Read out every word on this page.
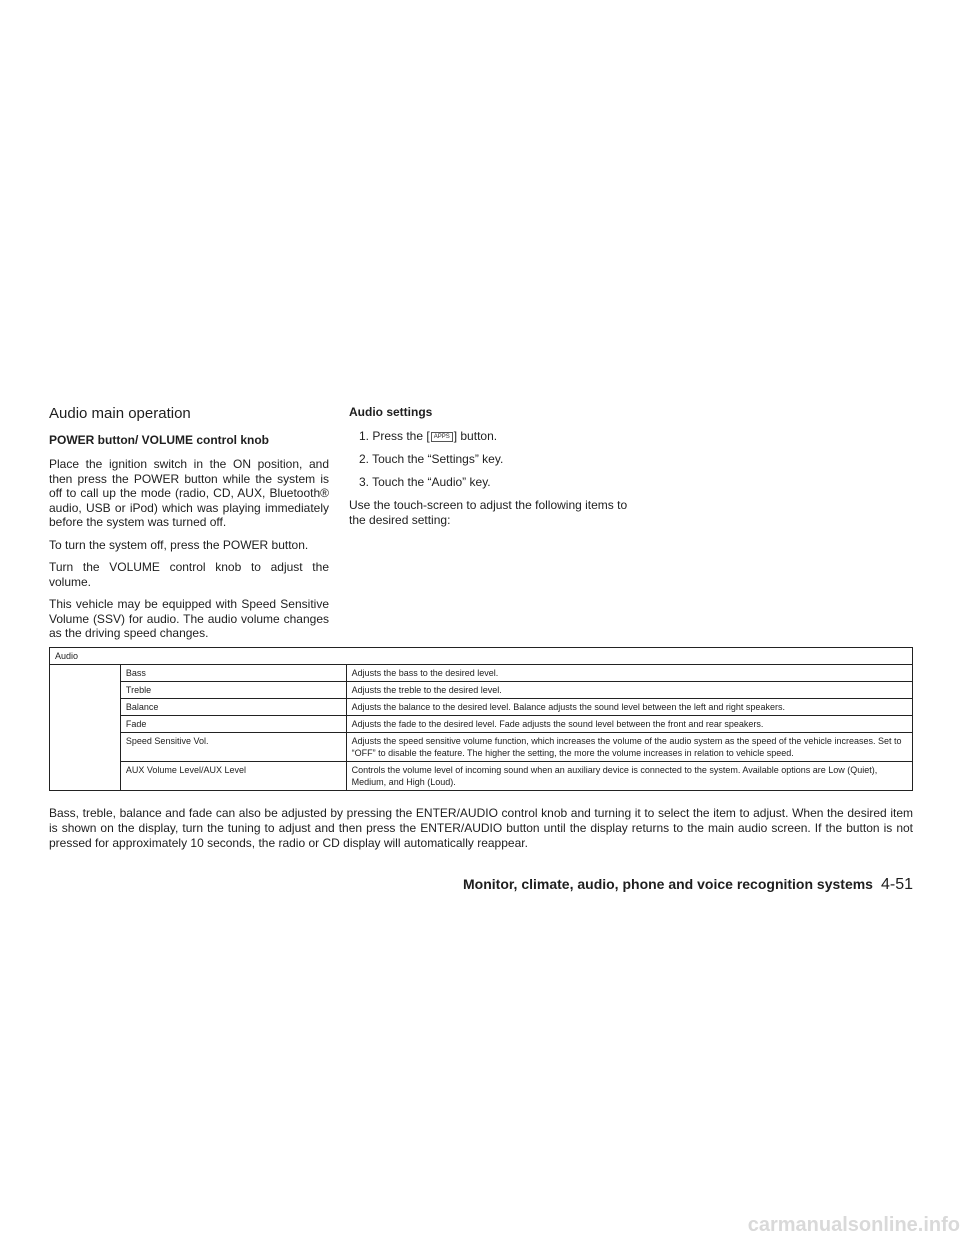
Audio main operation
POWER button/ VOLUME control knob

Place the ignition switch in the ON position, and then press the POWER button while the system is off to call up the mode (radio, CD, AUX, Bluetooth® audio, USB or iPod) which was playing immediately before the system was turned off.

To turn the system off, press the POWER button.

Turn the VOLUME control knob to adjust the volume.

This vehicle may be equipped with Speed Sensitive Volume (SSV) for audio. The audio volume changes as the driving speed changes.

Audio settings
1. Press the [ APPS ] button.
2. Touch the “Settings” key.
3. Touch the “Audio” key.

Use the touch-screen to adjust the following items to the desired setting:

Audio		
	Bass	Adjusts the bass to the desired level.
	Treble	Adjusts the treble to the desired level.
	Balance	Adjusts the balance to the desired level. Balance adjusts the sound level between the left and right speakers.
	Fade	Adjusts the fade to the desired level. Fade adjusts the sound level between the front and rear speakers.
	Speed Sensitive Vol.	Adjusts the speed sensitive volume function, which increases the volume of the audio system as the speed of the vehicle increases. Set to “OFF” to disable the feature. The higher the setting, the more the volume increases in relation to vehicle speed.
	AUX Volume Level/AUX Level	Controls the volume level of incoming sound when an auxiliary device is connected to the system. Available options are Low (Quiet), Medium, and High (Loud).

Bass, treble, balance and fade can also be adjusted by pressing the ENTER/AUDIO control knob and turning it to select the item to adjust. When the desired item is shown on the display, turn the tuning to adjust and then press the ENTER/AUDIO button until the display returns to the main audio screen. If the button is not pressed for approximately 10 seconds, the radio or CD display will automatically reappear.

Monitor, climate, audio, phone and voice recognition systems 4-51
carmanualsonline.info
